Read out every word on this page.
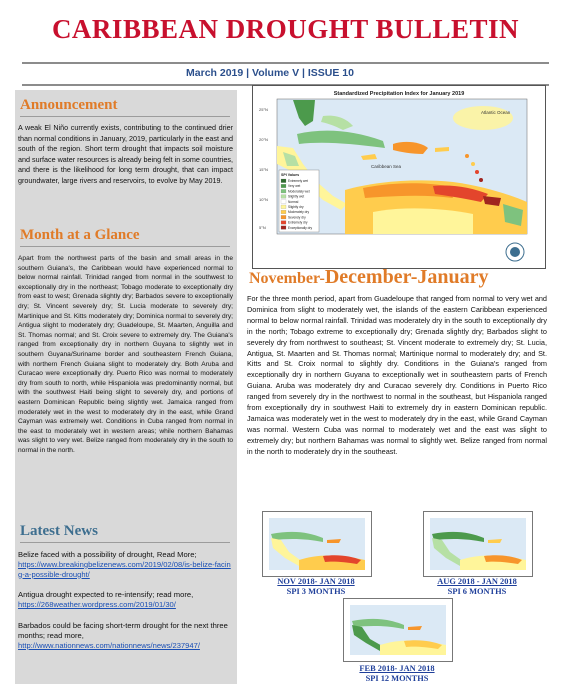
CARIBBEAN DROUGHT BULLETIN
March 2019 | Volume V | ISSUE 10
Announcement

A weak El Niño currently exists, contributing to the continued drier than normal conditions in January, 2019, particularly in the east and south of the region. Short term drought that impacts soil moisture and surface water resources is already being felt in some countries, and there is the likelihood for long term drought, that can impact groundwater, large rivers and reservoirs, to evolve by May 2019.

Month at a Glance

Apart from the northwest parts of the basin and small areas in the southern Guiana's, the Caribbean would have experienced normal to below normal rainfall. Trinidad ranged from normal in the southwest to exceptionally dry in the northeast; Tobago moderate to exceptionally dry from east to west; Grenada slightly dry; Barbados severe to exceptionally dry; St. Vincent severely dry; St. Lucia moderate to severely dry; Martinique and St. Kitts moderately dry; Dominica normal to severely dry; Antigua slight to moderately dry; Guadeloupe, St. Maarten, Anguilla and St. Thomas normal; and St. Croix severe to extremely dry. The Guiana's ranged from exceptionally dry in northern Guyana to slightly wet in southern Guyana/Suriname border and southeastern French Guiana, with northern French Guiana slight to moderately dry. Both Aruba and Curacao were exceptionally dry. Puerto Rico was normal to moderately dry from south to north, while Hispaniola was predominantly normal, but with the southwest Haiti being slight to severely dry, and portions of eastern Dominican Republic being slightly wet. Jamaica ranged from moderately wet in the west to moderately dry in the east, while Grand Cayman was extremely wet. Conditions in Cuba ranged from normal in the east to moderately wet in western areas; while northern Bahamas was slight to very wet. Belize ranged from moderately dry in the south to normal in the north.

Latest News
Belize faced with a possibility of drought, Read More;
https://www.breakingbelizenews.com/2019/02/08/is-belize-facing-a-possible-drought/
Antigua drought expected to re-intensify; read more,
https://268weather.wordpress.com/2019/01/30/
Barbados could be facing short-term drought for the next three months; read more,
http://www.nationnews.com/nationnews/news/237947/
Standardized Precipitation Index for January 2019
Atlantic Ocean
Caribbean Sea
25°N
20°N
15°N
10°N
5°N
SPI Values
Extremely wet
Very wet
Moderately wet
Slightly wet
Normal
Slightly dry
Moderately dry
Severely dry
Extremely dry
Exceptionally dry
November-December-January

For the three month period, apart from Guadeloupe that ranged from normal to very wet and Dominica from slight to moderately wet, the islands of the eastern Caribbean experienced normal to below normal rainfall. Trinidad was moderately dry in the south to exceptionally dry in the north; Tobago extreme to exceptionally dry; Grenada slightly dry; Barbados slight to severely dry from northwest to southeast; St. Vincent moderate to extremely dry; St. Lucia, Antigua, St. Maarten and St. Thomas normal; Martinique normal to moderately dry; and St. Kitts and St. Croix normal to slightly dry. Conditions in the Guiana's ranged from exceptionally dry in northern Guyana to exceptionally wet in southeastern parts of French Guiana. Aruba was moderately dry and Curacao severely dry. Conditions in Puerto Rico ranged from severely dry in the northwest to normal in the southeast, but Hispaniola ranged from exceptionally dry in southwest Haiti to extremely dry in eastern Dominican republic. Jamaica was moderately wet in the west to moderately dry in the east, while Grand Cayman was normal. Western Cuba was normal to moderately wet and the east was slight to extremely dry; but northern Bahamas was normal to slightly wet. Belize ranged from normal in the north to moderately dry in the southeast.

NOV 2018- JAN 2018
SPI 3 MONTHS
AUG 2018 - JAN 2018
SPI 6 MONTHS
FEB 2018- JAN 2018
SPI 12 MONTHS
